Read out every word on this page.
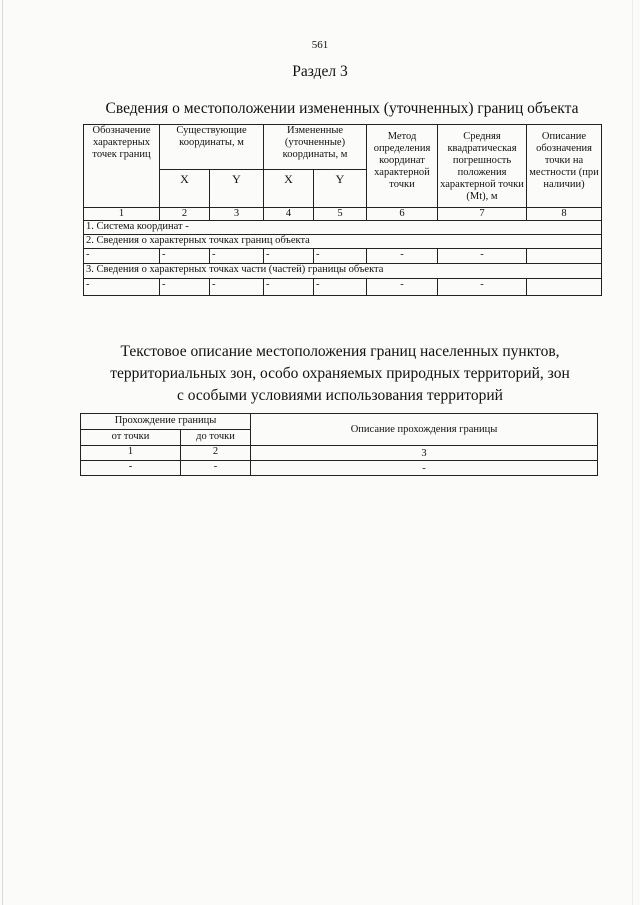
561
Раздел 3
Сведения о местоположении измененных (уточненных) границ объекта
Обозначение характерных точек границ	Существующие координаты, м		Измененные (уточненные) координаты, м		Метод определения координат характерной точки	Средняя квадратическая погрешность положения характерной точки (Mt), м	Описание обозначения точки на местности (при наличии)
	X	Y	X	Y			
1	2	3	4	5	6	7	8
1. Система координат -							
2. Сведения о характерных точках границ объекта							
-	-	-	-	-	-	-	
3. Сведения о характерных точках части (частей) границы объекта							
-	-	-	-	-	-	-	
Текстовое описание местоположения границ населенных пунктов,
территориальных зон, особо охраняемых природных территорий, зон
с особыми условиями использования территорий
Прохождение границы		Описание прохождения границы
от точки	до точки	
1	2	3
-	-	-
